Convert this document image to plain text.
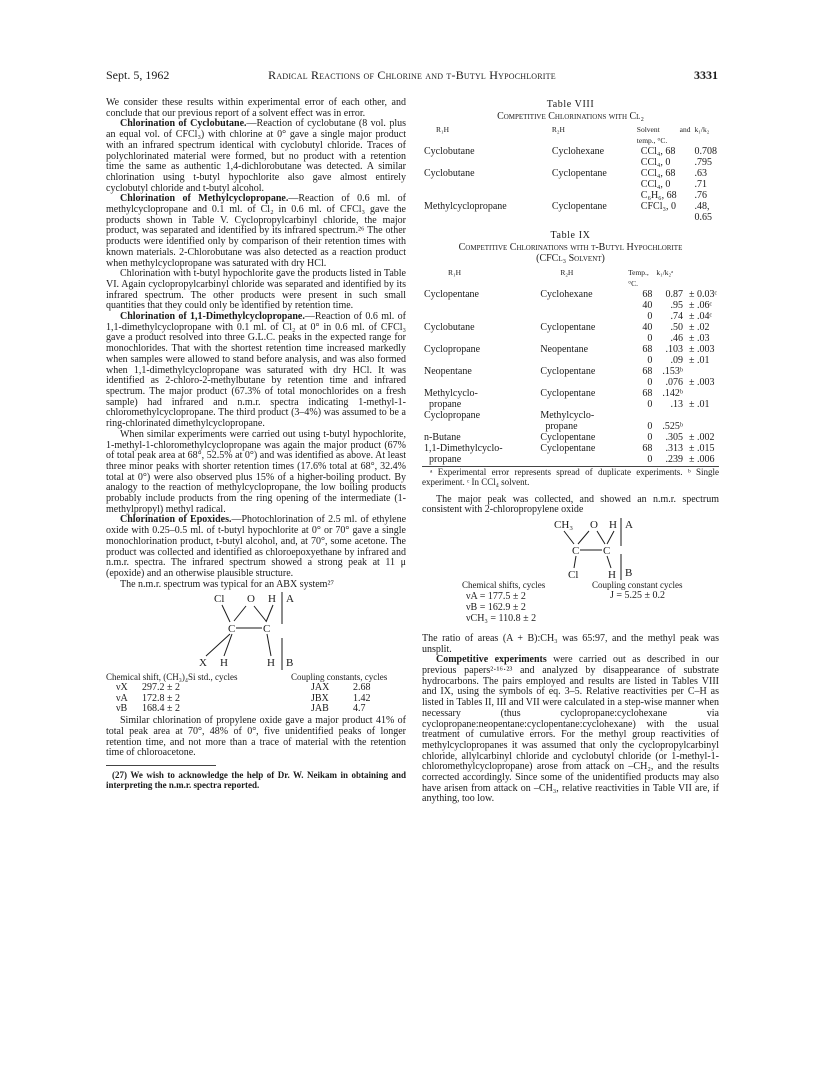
Sept. 5, 1962	Radical Reactions of Chlorine and t-Butyl Hypochlorite	3331

We consider these results within experimental error of each other, and conclude that our previous report of a solvent effect was in error.

Chlorination of Cyclobutane.—Reaction of cyclobutane (8 vol. plus an equal vol. of CFCl₃) with chlorine at 0° gave a single major product with an infrared spectrum identical with cyclobutyl chloride. Traces of polychlorinated material were formed, but no product with a retention time the same as authentic 1,4-dichlorobutane was detected. A similar chlorination using t-butyl hypochlorite also gave almost entirely cyclobutyl chloride and t-butyl alcohol.

Chlorination of Methylcyclopropane.—Reaction of 0.6 ml. of methylcyclopropane and 0.1 ml. of Cl₂ in 0.6 ml. of CFCl₃ gave the products shown in Table V. Cyclopropylcarbinyl chloride, the major product, was separated and identified by its infrared spectrum.²⁶ The other products were identified only by comparison of their retention times with known materials. 2-Chlorobutane was also detected as a reaction product when methylcyclopropane was saturated with dry HCl.

Chlorination with t-butyl hypochlorite gave the products listed in Table VI. Again cyclopropylcarbinyl chloride was separated and identified by its infrared spectrum. The other products were present in such small quantities that they could only be identified by retention time.

Chlorination of 1,1-Dimethylcyclopropane.—Reaction of 0.6 ml. of 1,1-dimethylcyclopropane with 0.1 ml. of Cl₂ at 0° in 0.6 ml. of CFCl₃ gave a product resolved into three G.L.C. peaks in the expected range for monochlorides. That with the shortest retention time increased markedly when samples were allowed to stand before analysis, and was also formed when 1,1-dimethylcyclopropane was saturated with dry HCl. It was identified as 2-chloro-2-methylbutane by retention time and infrared spectrum. The major product (67.3% of total monochlorides on a fresh sample) had infrared and n.m.r. spectra indicating 1-methyl-1-chloromethylcyclopropane. The third product (3–4%) was assumed to be a ring-chlorinated dimethylcyclopropane.

When similar experiments were carried out using t-butyl hypochlorite, 1-methyl-1-chloromethylcyclopropane was again the major product (67% of total peak area at 68°, 52.5% at 0°) and was identified as above. At least three minor peaks with shorter retention times (17.6% total at 68°, 32.4% total at 0°) were also observed plus 15% of a higher-boiling product. By analogy to the reaction of methylcyclopropane, the low boiling products probably include products from the ring opening of the intermediate (1-methylpropyl) methyl radical.

Chlorination of Epoxides.—Photochlorination of 2.5 ml. of ethylene oxide with 0.25–0.5 ml. of t-butyl hypochlorite at 0° or 70° gave a single monochlorination product, t-butyl alcohol, and, at 70°, some acetone. The product was collected and identified as chloroepoxyethane by infrared and n.m.r. spectra. The infrared spectrum showed a strong peak at 11 μ (epoxide) and an otherwise plausible structure.

The n.m.r. spectrum was typical for an ABX system²⁷

Cl O H A
C	C
X H	H B
Chemical shift, (CH₃)₄Si std., cycles	Coupling constants, cycles
νX 297.2 ± 2
νA 172.8 ± 2
νB 168.4 ± 2
JAX 2.68
JBX 1.42
JAB 4.7

Similar chlorination of propylene oxide gave a major product 41% of total peak area at 70°, 48% of 0°, five unidentified peaks of longer retention time, and not more than a trace of material with the retention time of chloroacetone.

(27) We wish to acknowledge the help of Dr. W. Neikam in obtaining and interpreting the n.m.r. spectra reported.

Table VIII
Competitive Chlorinations with Cl₂
R₁H	R₂H	Solvent and temp., °C.	k₁/k₂
Cyclobutane	Cyclohexane	CCl₄, 68	0.708
		CCl₄, 0	.795
Cyclobutane	Cyclopentane	CCl₄, 68	.63
		CCl₄, 0	.71
		C₆H₆, 68	.76
Methylcyclopropane	Cyclopentane	CFCl₃, 0	.48, 0.65
Table IX
Competitive Chlorinations with t-Butyl Hypochlorite
(CFCl₃ Solvent)
R₁H	R₂H	Temp., °C.	k₁/k₂ᵃ	
Cyclopentane	Cyclohexane	68	0.87	± 0.03ᶜ
		40	.95	± .06ᶜ
		0	.74	± .04ᶜ
Cyclobutane	Cyclopentane	40	.50	± .02
		0	.46	± .03
Cyclopropane	Neopentane	68	.103	± .003
		0	.09	± .01
Neopentane	Cyclopentane	68	.153ᵇ	
		0	.076	± .003
Methylcyclo-	Cyclopentane	68	.142ᵇ	
propane		0	.13	± .01
Cyclopropane	Methylcyclo-			
	propane	0	.525ᵇ	
n-Butane	Cyclopentane	0	.305	± .002
1,1-Dimethylcyclo-	Cyclopentane	68	.313	± .015
propane		0	.239	± .006

ᵃ Experimental error represents spread of duplicate experiments. ᵇ Single experiment. ᶜ In CCl₄ solvent.

The major peak was collected, and showed an n.m.r. spectrum consistent with 2-chloropropylene oxide

CH₃ O H A
C C
Cl	H B
Chemical shifts, cycles	Coupling constant cycles
νA = 177.5 ± 2
νB = 162.9 ± 2
νCH₃ = 110.8 ± 2
J = 5.25 ± 0.2

The ratio of areas (A + B):CH₃ was 65:97, and the methyl peak was unsplit.

Competitive experiments were carried out as described in our previous papers²·¹⁶·²³ and analyzed by disappearance of substrate hydrocarbons. The pairs employed and results are listed in Tables VIII and IX, using the symbols of eq. 3–5. Relative reactivities per C–H as listed in Tables II, III and VII were calculated in a step-wise manner when necessary (thus cyclopropane:cyclohexane via cyclopropane:neopentane:cyclopentane:cyclohexane) with the usual treatment of cumulative errors. For the methyl group reactivities of methylcyclopropanes it was assumed that only the cyclopropylcarbinyl chloride, allylcarbinyl chloride and cyclobutyl chloride (or 1-methyl-1-chloromethylcyclopropane) arose from attack on –CH₂, and the results corrected accordingly. Since some of the unidentified products may also have arisen from attack on –CH₃, relative reactivities in Table VII are, if anything, too low.
